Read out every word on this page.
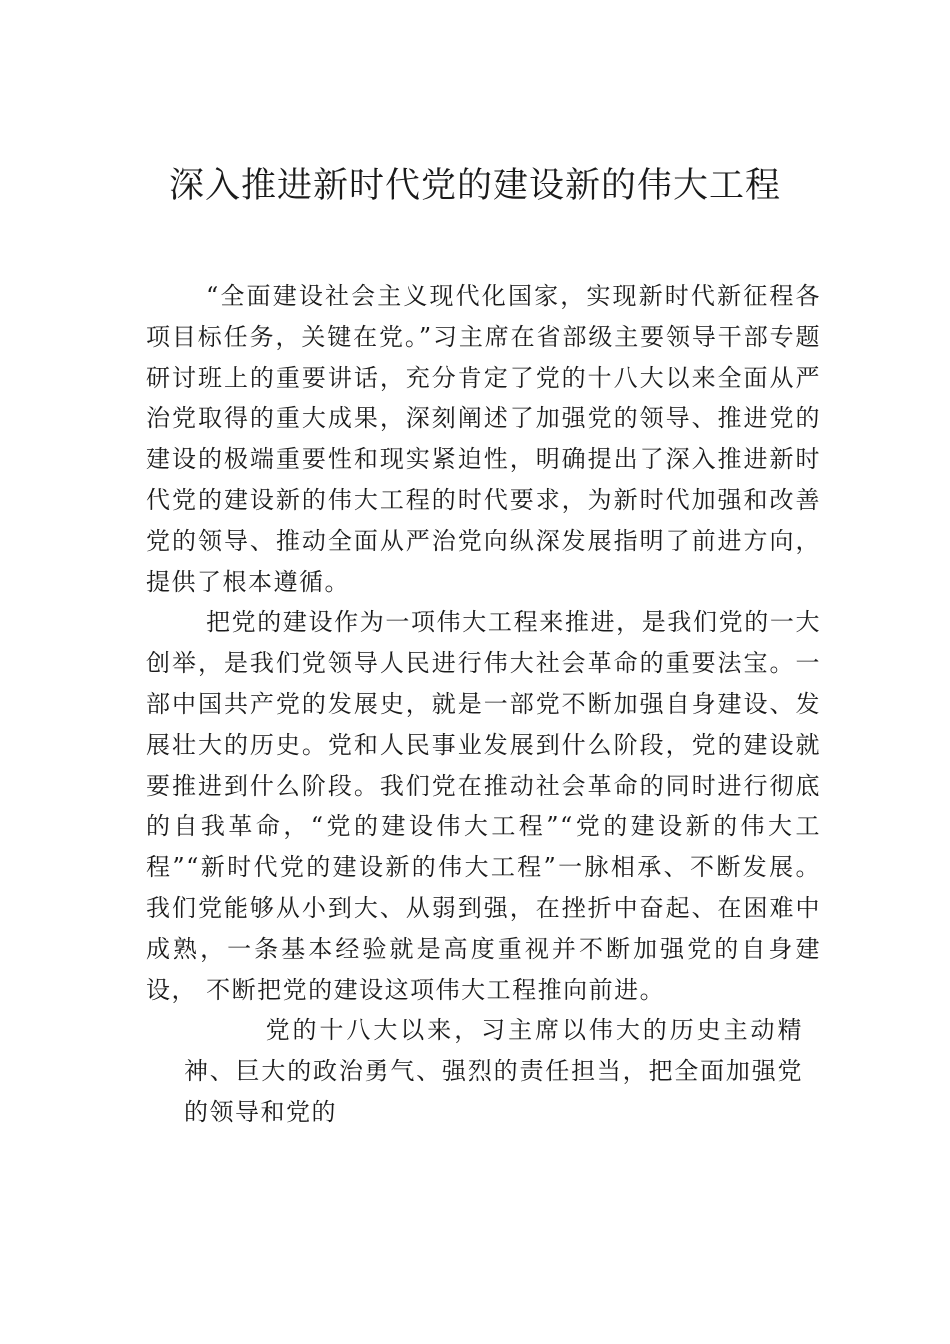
深入推进新时代党的建设新的伟大工程

“全面建设社会主义现代化国家，实现新时代新征程各项目标任务，关键在党。”习主席在省部级主要领导干部专题研讨班上的重要讲话，充分肯定了党的十八大以来全面从严治党取得的重大成果，深刻阐述了加强党的领导、推进党的建设的极端重要性和现实紧迫性，明确提出了深入推进新时代党的建设新的伟大工程的时代要求，为新时代加强和改善党的领导、推动全面从严治党向纵深发展指明了前进方向， 提供了根本遵循。

把党的建设作为一项伟大工程来推进，是我们党的一大创举，是我们党领导人民进行伟大社会革命的重要法宝。一部中国共产党的发展史，就是一部党不断加强自身建设、发展壮大的历史。党和人民事业发展到什么阶段，党的建设就要推进到什么阶段。我们党在推动社会革命的同时进行彻底的自我革命，“党的建设伟大工程”“党的建设新的伟大工程”“新时代党的建设新的伟大工程”一脉相承、不断发展。我们党能够从小到大、从弱到强，在挫折中奋起、在困难中成熟，一条基本经验就是高度重视并不断加强党的自身建设， 不断把党的建设这项伟大工程推向前进。

党的十八大以来，习主席以伟大的历史主动精神、巨大的政治勇气、强烈的责任担当，把全面加强党的领导和党的
